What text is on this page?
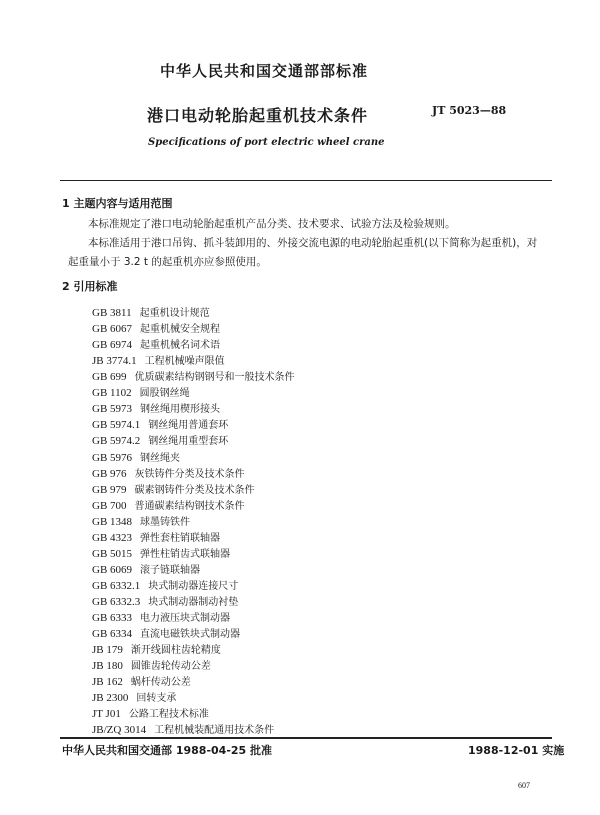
中华人民共和国交通部部标准
港口电动轮胎起重机技术条件	JT 5023—88
Specifications of port electric wheel crane
1 主题内容与适用范围
本标准规定了港口电动轮胎起重机产品分类、技术要求、试验方法及检验规则。
本标准适用于港口吊钩、抓斗装卸用的、外接交流电源的电动轮胎起重机(以下简称为起重机)，对
起重量小于 3.2 t 的起重机亦应参照使用。
2 引用标准
GB 3811 起重机设计规范
GB 6067 起重机械安全规程
GB 6974 起重机械名词术语
JB 3774.1 工程机械噪声限值
GB 699 优质碳素结构钢钢号和一般技术条件
GB 1102 圆股钢丝绳
GB 5973 钢丝绳用楔形接头
GB 5974.1 钢丝绳用普通套环
GB 5974.2 钢丝绳用重型套环
GB 5976 钢丝绳夹
GB 976 灰铁铸件分类及技术条件
GB 979 碳素钢铸件分类及技术条件
GB 700 普通碳素结构钢技术条件
GB 1348 球墨铸铁件
GB 4323 弹性套柱销联轴器
GB 5015 弹性柱销齿式联轴器
GB 6069 滚子链联轴器
GB 6332.1 块式制动器连接尺寸
GB 6332.3 块式制动器制动衬垫
GB 6333 电力液压块式制动器
GB 6334 直流电磁铁块式制动器
JB 179 渐开线圆柱齿轮精度
JB 180 圆锥齿轮传动公差
JB 162 蜗杆传动公差
JB 2300 回转支承
JT J01 公路工程技术标准
JB/ZQ 3014 工程机械装配通用技术条件
中华人民共和国交通部 1988-04-25 批准	1988-12-01 实施
607
